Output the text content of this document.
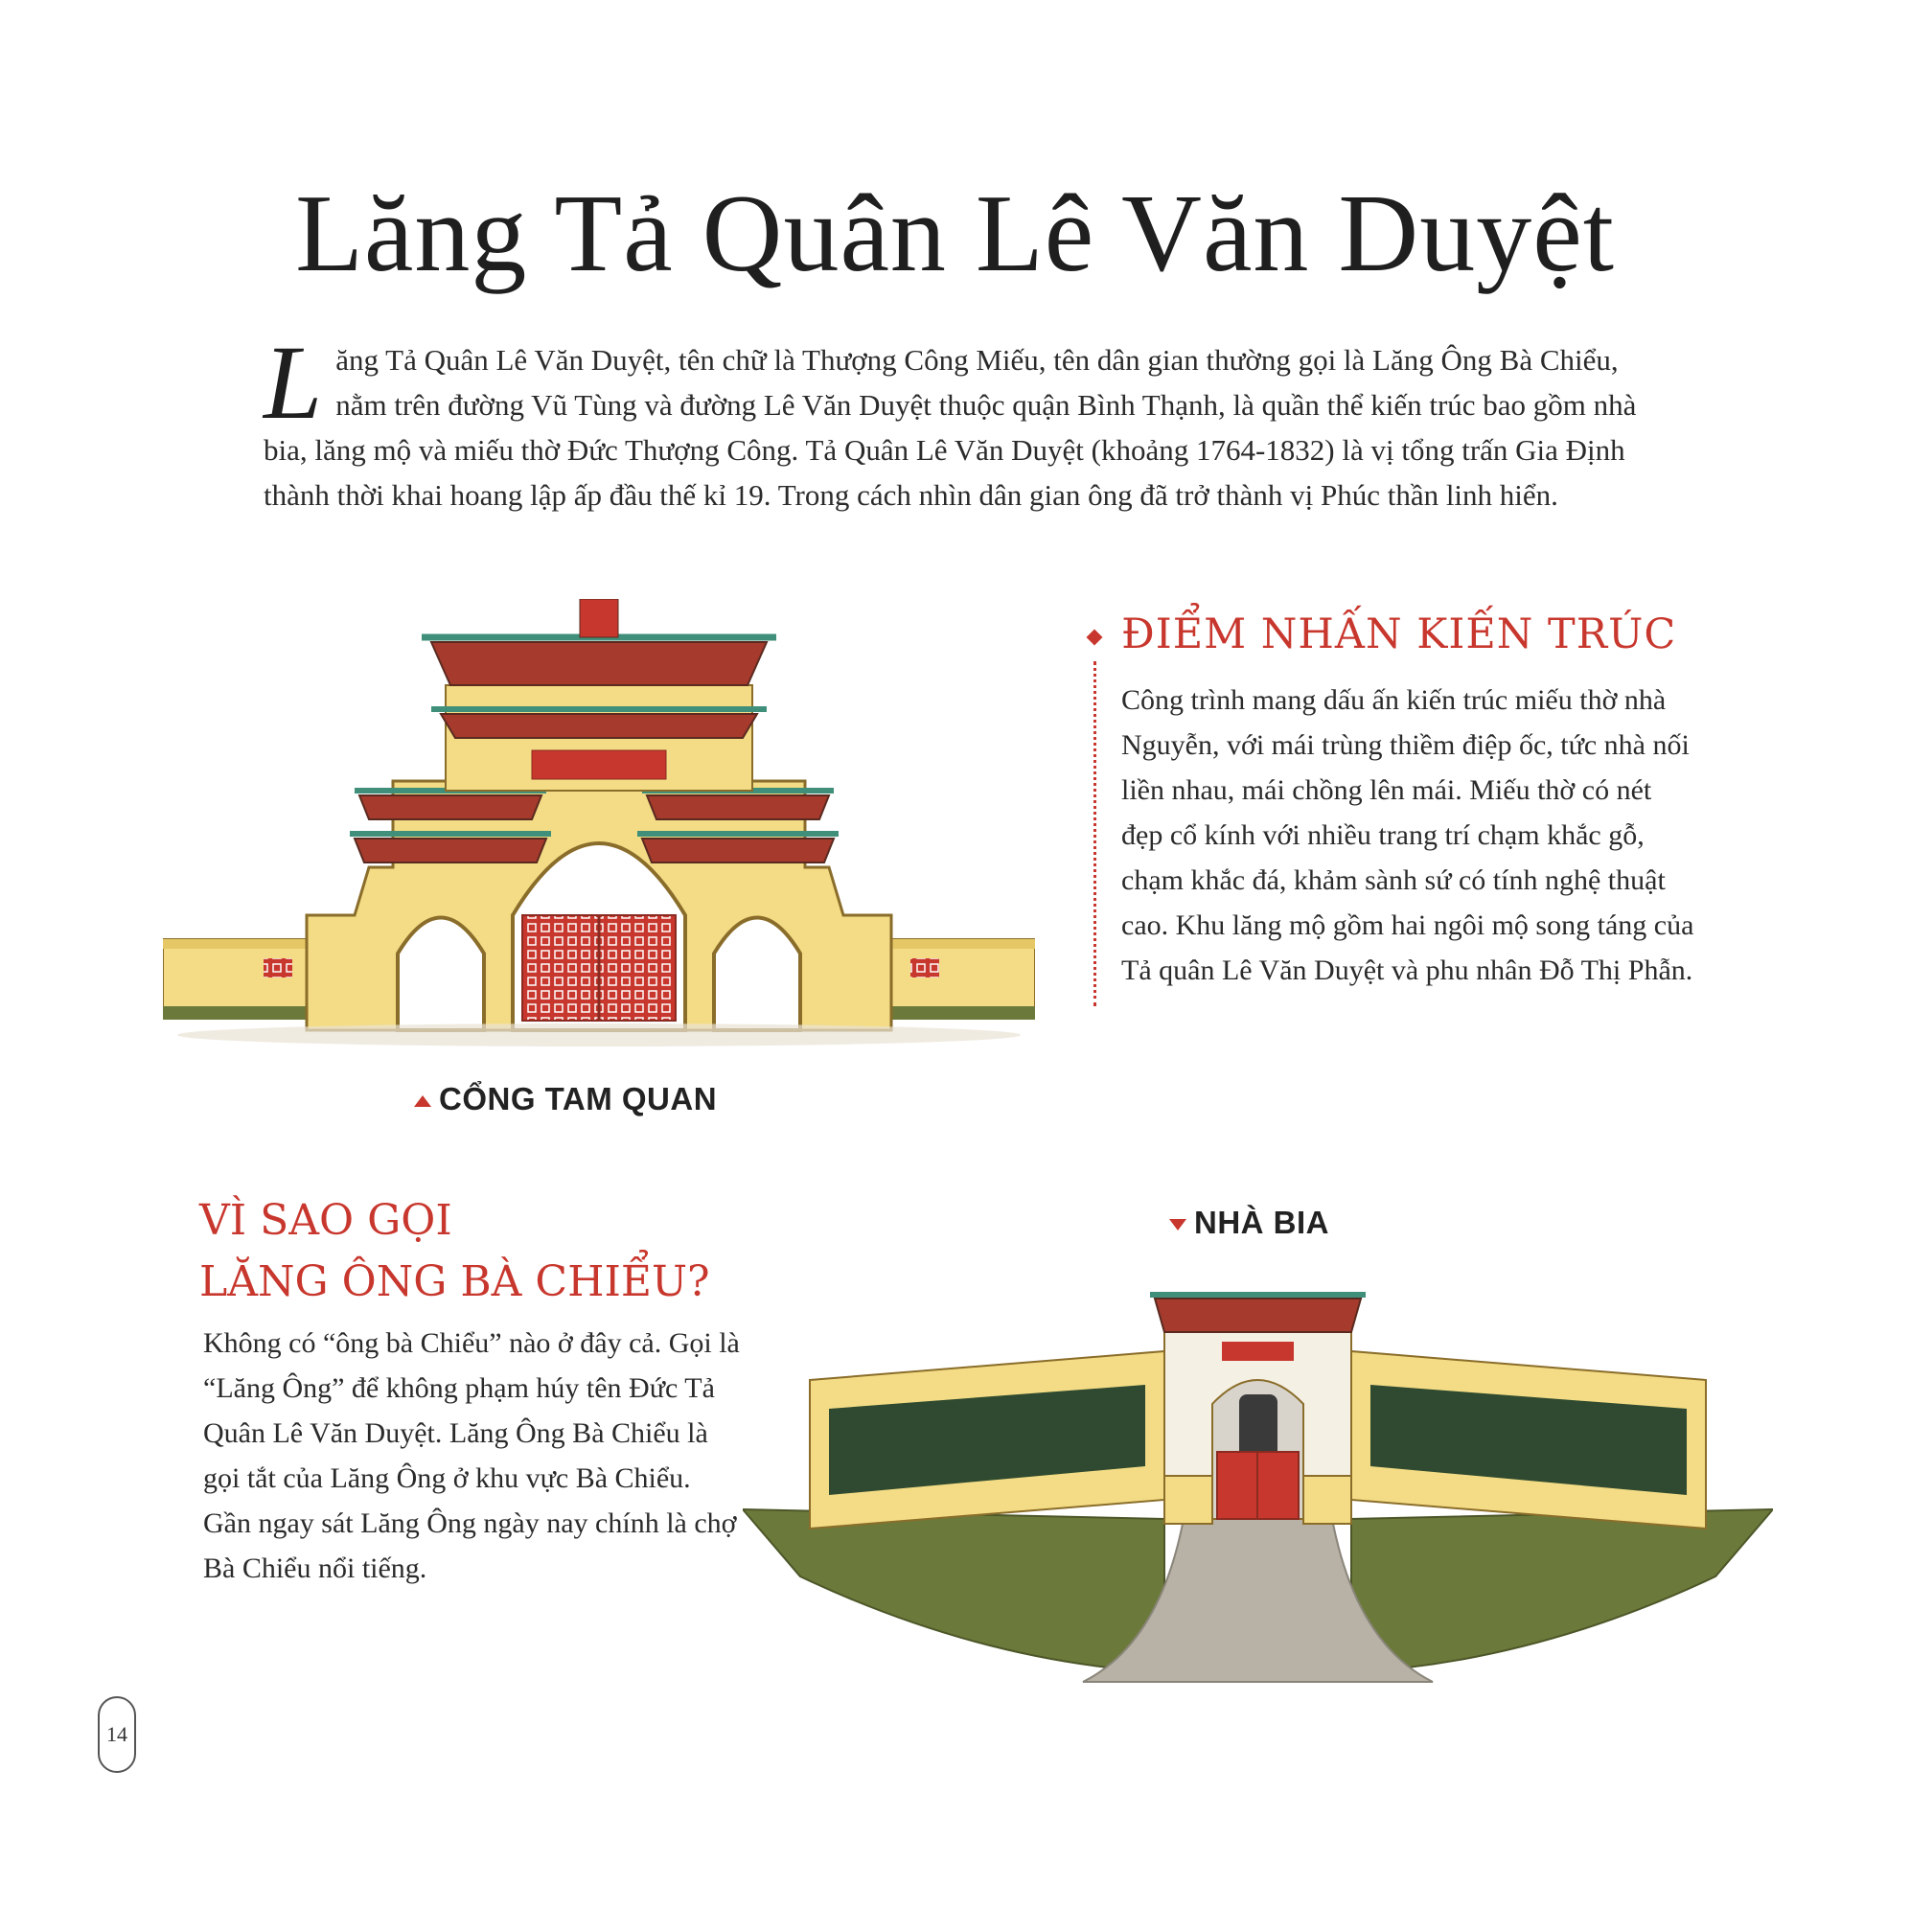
Lăng Tả Quân Lê Văn Duyệt
Lăng Tả Quân Lê Văn Duyệt, tên chữ là Thượng Công Miếu, tên dân gian thường gọi là Lăng Ông Bà Chiểu, nằm trên đường Vũ Tùng và đường Lê Văn Duyệt thuộc quận Bình Thạnh, là quần thể kiến trúc bao gồm nhà bia, lăng mộ và miếu thờ Đức Thượng Công. Tả Quân Lê Văn Duyệt (khoảng 1764-1832) là vị tổng trấn Gia Định thành thời khai hoang lập ấp đầu thế kỉ 19. Trong cách nhìn dân gian ông đã trở thành vị Phúc thần linh hiển.
ĐIỂM NHẤN KIẾN TRÚC
Công trình mang dấu ấn kiến trúc miếu thờ nhà Nguyễn, với mái trùng thiềm điệp ốc, tức nhà nối liền nhau, mái chồng lên mái. Miếu thờ có nét đẹp cổ kính với nhiều trang trí chạm khắc gỗ, chạm khắc đá, khảm sành sứ có tính nghệ thuật cao. Khu lăng mộ gồm hai ngôi mộ song táng của Tả quân Lê Văn Duyệt và phu nhân Đỗ Thị Phẫn.
CỔNG TAM QUAN
VÌ SAO GỌI
LĂNG ÔNG BÀ CHIỂU?
Không có “ông bà Chiểu” nào ở đây cả. Gọi là “Lăng Ông” để không phạm húy tên Đức Tả Quân Lê Văn Duyệt. Lăng Ông Bà Chiểu là gọi tắt của Lăng Ông ở khu vực Bà Chiểu. Gần ngay sát Lăng Ông ngày nay chính là chợ Bà Chiểu nổi tiếng.
NHÀ BIA
14
